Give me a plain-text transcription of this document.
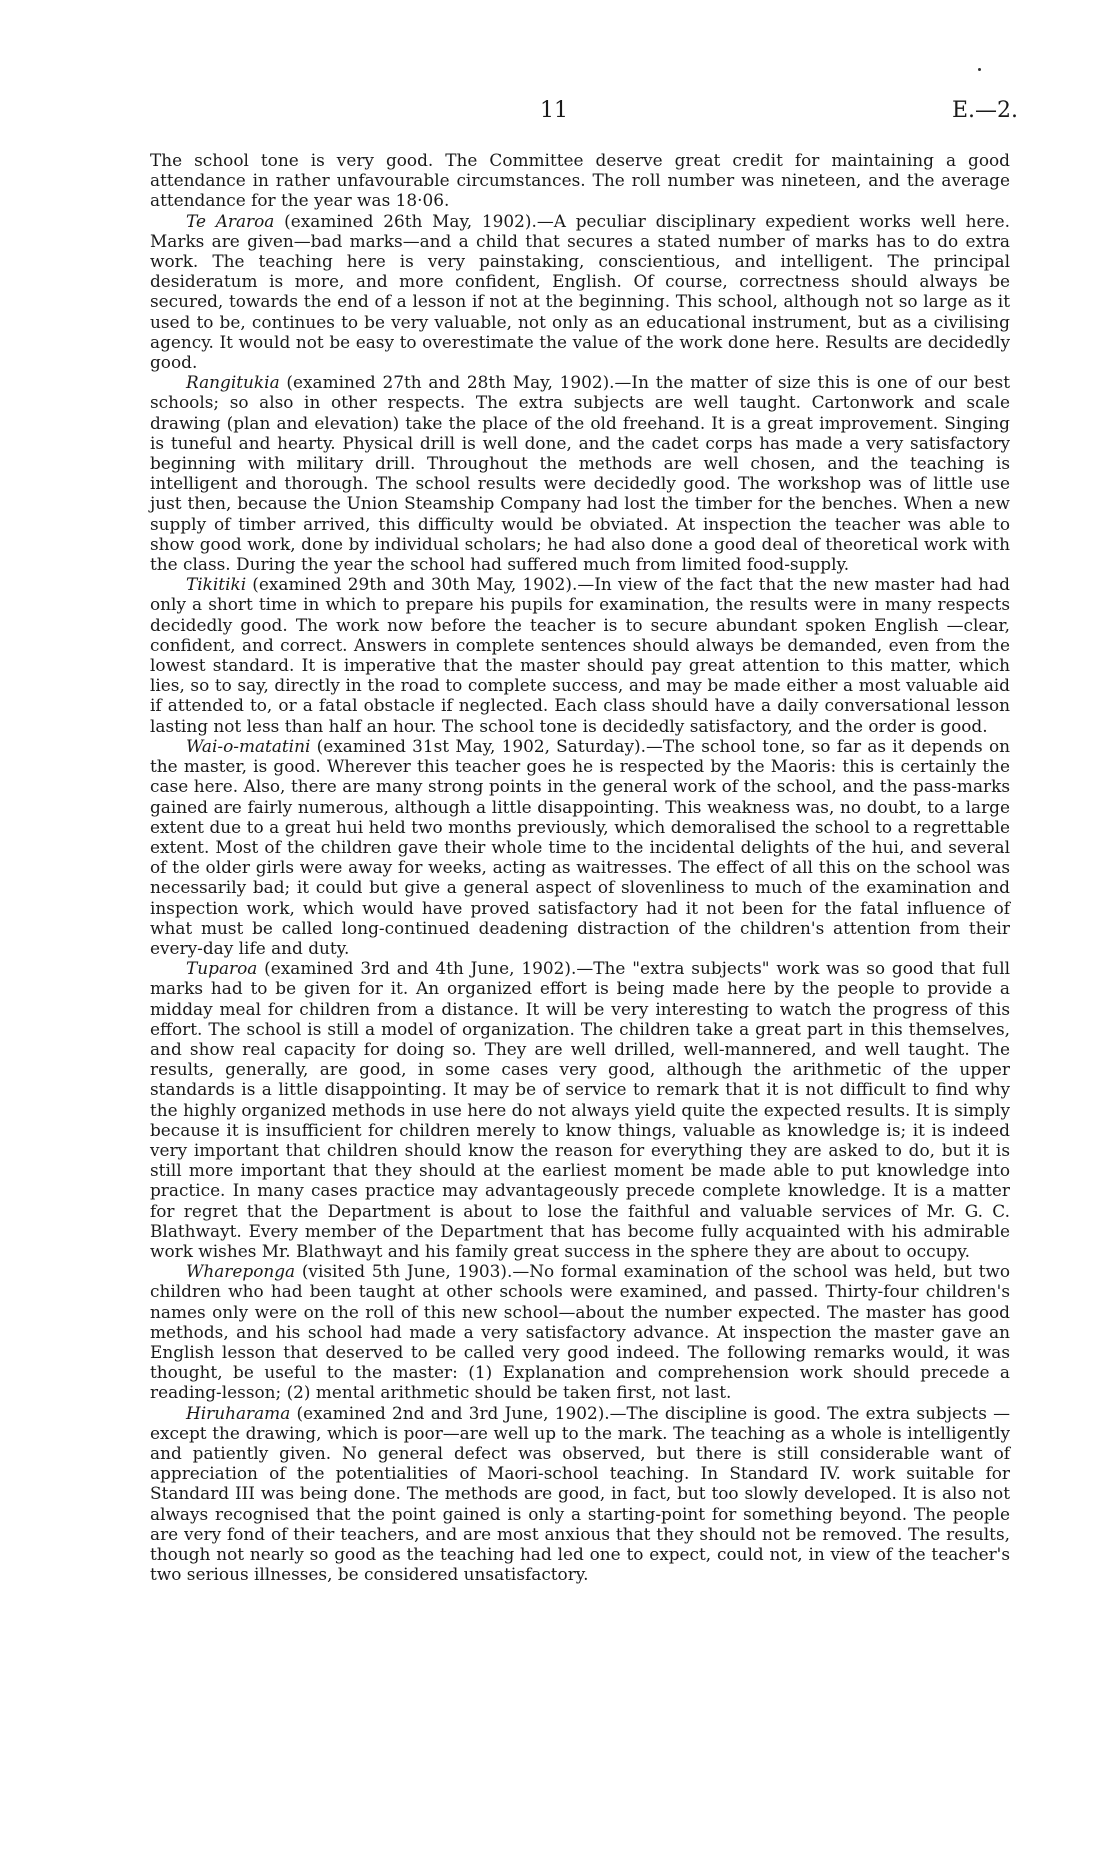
11	E.—2.

The school tone is very good. The Committee deserve great credit for maintaining a good attendance in rather unfavourable circumstances. The roll number was nineteen, and the average attendance for the year was 18·06.

Te Araroa (examined 26th May, 1902).—A peculiar disciplinary expedient works well here. Marks are given—bad marks—and a child that secures a stated number of marks has to do extra work. The teaching here is very painstaking, conscientious, and intelligent. The principal desideratum is more, and more confident, English. Of course, correctness should always be secured, towards the end of a lesson if not at the beginning. This school, although not so large as it used to be, continues to be very valuable, not only as an educational instrument, but as a civilising agency. It would not be easy to overestimate the value of the work done here. Results are decidedly good.

Rangitukia (examined 27th and 28th May, 1902).—In the matter of size this is one of our best schools; so also in other respects. The extra subjects are well taught. Cartonwork and scale drawing (plan and elevation) take the place of the old freehand. It is a great improvement. Singing is tuneful and hearty. Physical drill is well done, and the cadet corps has made a very satisfactory beginning with military drill. Throughout the methods are well chosen, and the teaching is intelligent and thorough. The school results were decidedly good. The workshop was of little use just then, because the Union Steamship Company had lost the timber for the benches. When a new supply of timber arrived, this difficulty would be obviated. At inspection the teacher was able to show good work, done by individual scholars; he had also done a good deal of theoretical work with the class. During the year the school had suffered much from limited food-supply.

Tikitiki (examined 29th and 30th May, 1902).—In view of the fact that the new master had had only a short time in which to prepare his pupils for examination, the results were in many respects decidedly good. The work now before the teacher is to secure abundant spoken English —clear, confident, and correct. Answers in complete sentences should always be demanded, even from the lowest standard. It is imperative that the master should pay great attention to this matter, which lies, so to say, directly in the road to complete success, and may be made either a most valuable aid if attended to, or a fatal obstacle if neglected. Each class should have a daily conversational lesson lasting not less than half an hour. The school tone is decidedly satisfactory, and the order is good.

Wai-o-matatini (examined 31st May, 1902, Saturday).—The school tone, so far as it depends on the master, is good. Wherever this teacher goes he is respected by the Maoris: this is certainly the case here. Also, there are many strong points in the general work of the school, and the pass-marks gained are fairly numerous, although a little disappointing. This weakness was, no doubt, to a large extent due to a great hui held two months previously, which demoralised the school to a regrettable extent. Most of the children gave their whole time to the incidental delights of the hui, and several of the older girls were away for weeks, acting as waitresses. The effect of all this on the school was necessarily bad; it could but give a general aspect of slovenliness to much of the examination and inspection work, which would have proved satisfactory had it not been for the fatal influence of what must be called long-continued deadening distraction of the children's attention from their every-day life and duty.

Tuparoa (examined 3rd and 4th June, 1902).—The "extra subjects" work was so good that full marks had to be given for it. An organized effort is being made here by the people to provide a midday meal for children from a distance. It will be very interesting to watch the progress of this effort. The school is still a model of organization. The children take a great part in this themselves, and show real capacity for doing so. They are well drilled, well-mannered, and well taught. The results, generally, are good, in some cases very good, although the arithmetic of the upper standards is a little disappointing. It may be of service to remark that it is not difficult to find why the highly organized methods in use here do not always yield quite the expected results. It is simply because it is insufficient for children merely to know things, valuable as knowledge is; it is indeed very important that children should know the reason for everything they are asked to do, but it is still more important that they should at the earliest moment be made able to put knowledge into practice. In many cases practice may advantageously precede complete knowledge. It is a matter for regret that the Department is about to lose the faithful and valuable services of Mr. G. C. Blathwayt. Every member of the Department that has become fully acquainted with his admirable work wishes Mr. Blathwayt and his family great success in the sphere they are about to occupy.

Whareponga (visited 5th June, 1903).—No formal examination of the school was held, but two children who had been taught at other schools were examined, and passed. Thirty-four children's names only were on the roll of this new school—about the number expected. The master has good methods, and his school had made a very satisfactory advance. At inspection the master gave an English lesson that deserved to be called very good indeed. The following remarks would, it was thought, be useful to the master: (1) Explanation and comprehension work should precede a reading-lesson; (2) mental arithmetic should be taken first, not last.

Hiruharama (examined 2nd and 3rd June, 1902).—The discipline is good. The extra subjects —except the drawing, which is poor—are well up to the mark. The teaching as a whole is intelligently and patiently given. No general defect was observed, but there is still considerable want of appreciation of the potentialities of Maori-school teaching. In Standard IV. work suitable for Standard III was being done. The methods are good, in fact, but too slowly developed. It is also not always recognised that the point gained is only a starting-point for something beyond. The people are very fond of their teachers, and are most anxious that they should not be removed. The results, though not nearly so good as the teaching had led one to expect, could not, in view of the teacher's two serious illnesses, be considered unsatisfactory.
